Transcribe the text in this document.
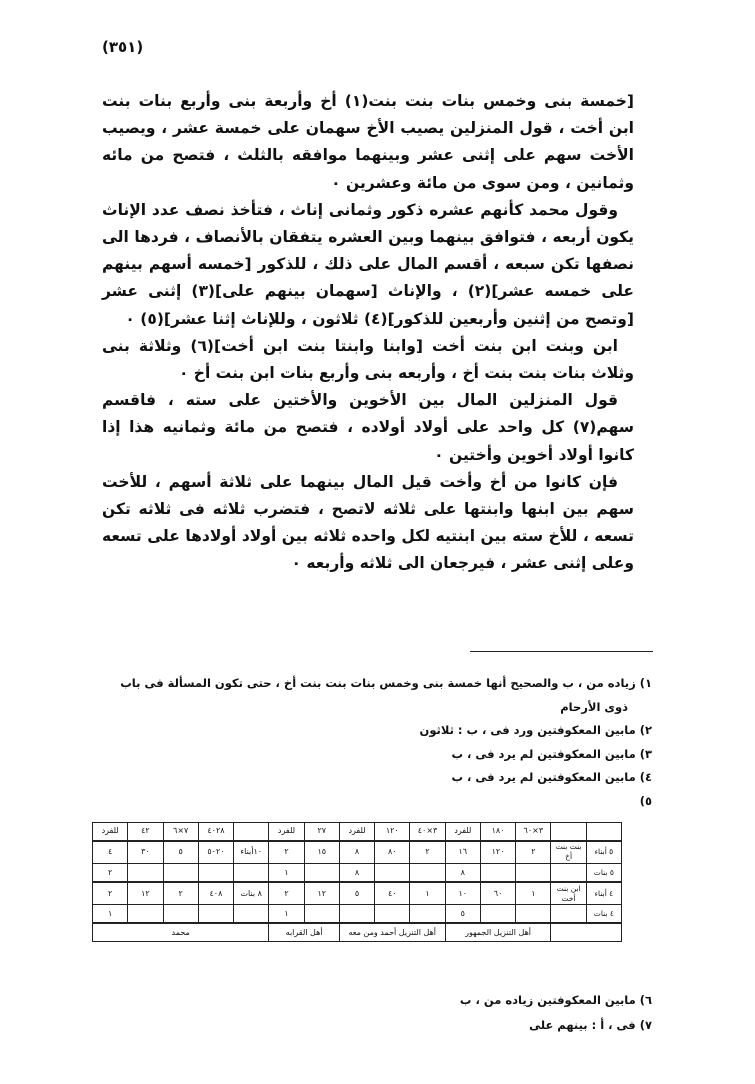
(٣٥١)

[خمسة بنى وخمس بنات بنت بنت(١) أخ وأربعة بنى وأربع بنات بنت ابن أخت ، قول المنزلين يصيب الأخ سهمان على خمسة عشر ، ويصيب الأخت سهم على إثنى عشر وبينهما موافقه بالثلث ، فتصح من مائه وثمانين ، ومن سوى من مائة وعشرين ٠

وقول محمد كأنهم عشره ذكور وثمانى إناث ، فتأخذ نصف عدد الإناث يكون أربعه ، فتوافق بينهما وبين العشره يتفقان بالأنصاف ، فردها الى نصفها تكن سبعه ، أقسم المال على ذلك ، للذكور [خمسه أسهم بينهم على خمسه عشر](٢) ، والإناث [سهمان بينهم على](٣) إثنى عشر [وتصح من إثنين وأربعين للذكور](٤) ثلاثون ، وللإناث إثنا عشر](٥) ٠

ابن وبنت ابن بنت أخت [وابنا وابنتا بنت ابن أخت](٦) وثلاثة بنى وثلاث بنات بنت بنت أخ ، وأربعه بنى وأربع بنات ابن بنت أخ ٠

قول المنزلين المال بين الأخوين والأختين على سته ، فاقسم سهم(٧) كل واحد على أولاد أولاده ، فتصح من مائة وثمانيه هذا إذا كانوا أولاد أخوين وأختين ٠

فإن كانوا من أخ وأخت قيل المال بينهما على ثلاثة أسهم ، للأخت سهم بين ابنها وابنتها على ثلاثه لاتصح ، فتضرب ثلاثه فى ثلاثه تكن تسعه ، للأخ سته بين ابنتيه لكل واحده ثلاثه بين أولاد أولادها على تسعه وعلى إثنى عشر ، فيرجعان الى ثلاثه وأربعه ٠

١) زياده من ، ب والصحيح أنها خمسة بنى وخمس بنات بنت بنت أخ ، حتى تكون المسألة فى باب
ذوى الأرحام
٢) مابين المعكوفتين ورد فى ، ب : ثلاثون
٣) مابين المعكوفتين لم يرد فى ، ب
٤) مابين المعكوفتين لم يرد فى ، ب
٥)
		٣×٦٠	١٨٠	للفرد	٣×٤٠	١٢٠	للفرد	٢٧	للفرد		٤٠٢٨	٧×٦	٤٢	للفرد
٥ أبناء	بنت بنت أخ	٢	١٢٠	١٦	٢	٨٠	٨	١٥	٢	١٠أبناء	٥٠٢٠	٥	٣٠	٤
٥ بنات				٨			٨		١					٢
٤ أبناء	ابن بنت أخت	١	٦٠	١٠	١	٤٠	٥	١٢	٢	٨ بنات	٤٠٨	٢	١٢	٢
٤ بنات				٥					١					١
		أهل التنزيل الجمهور			أهل التنزيل أحمد ومن معه			أهل القرابه		محمد				
٦) مابين المعكوفتين زياده من ، ب
٧) فى ، أ : بينهم على
